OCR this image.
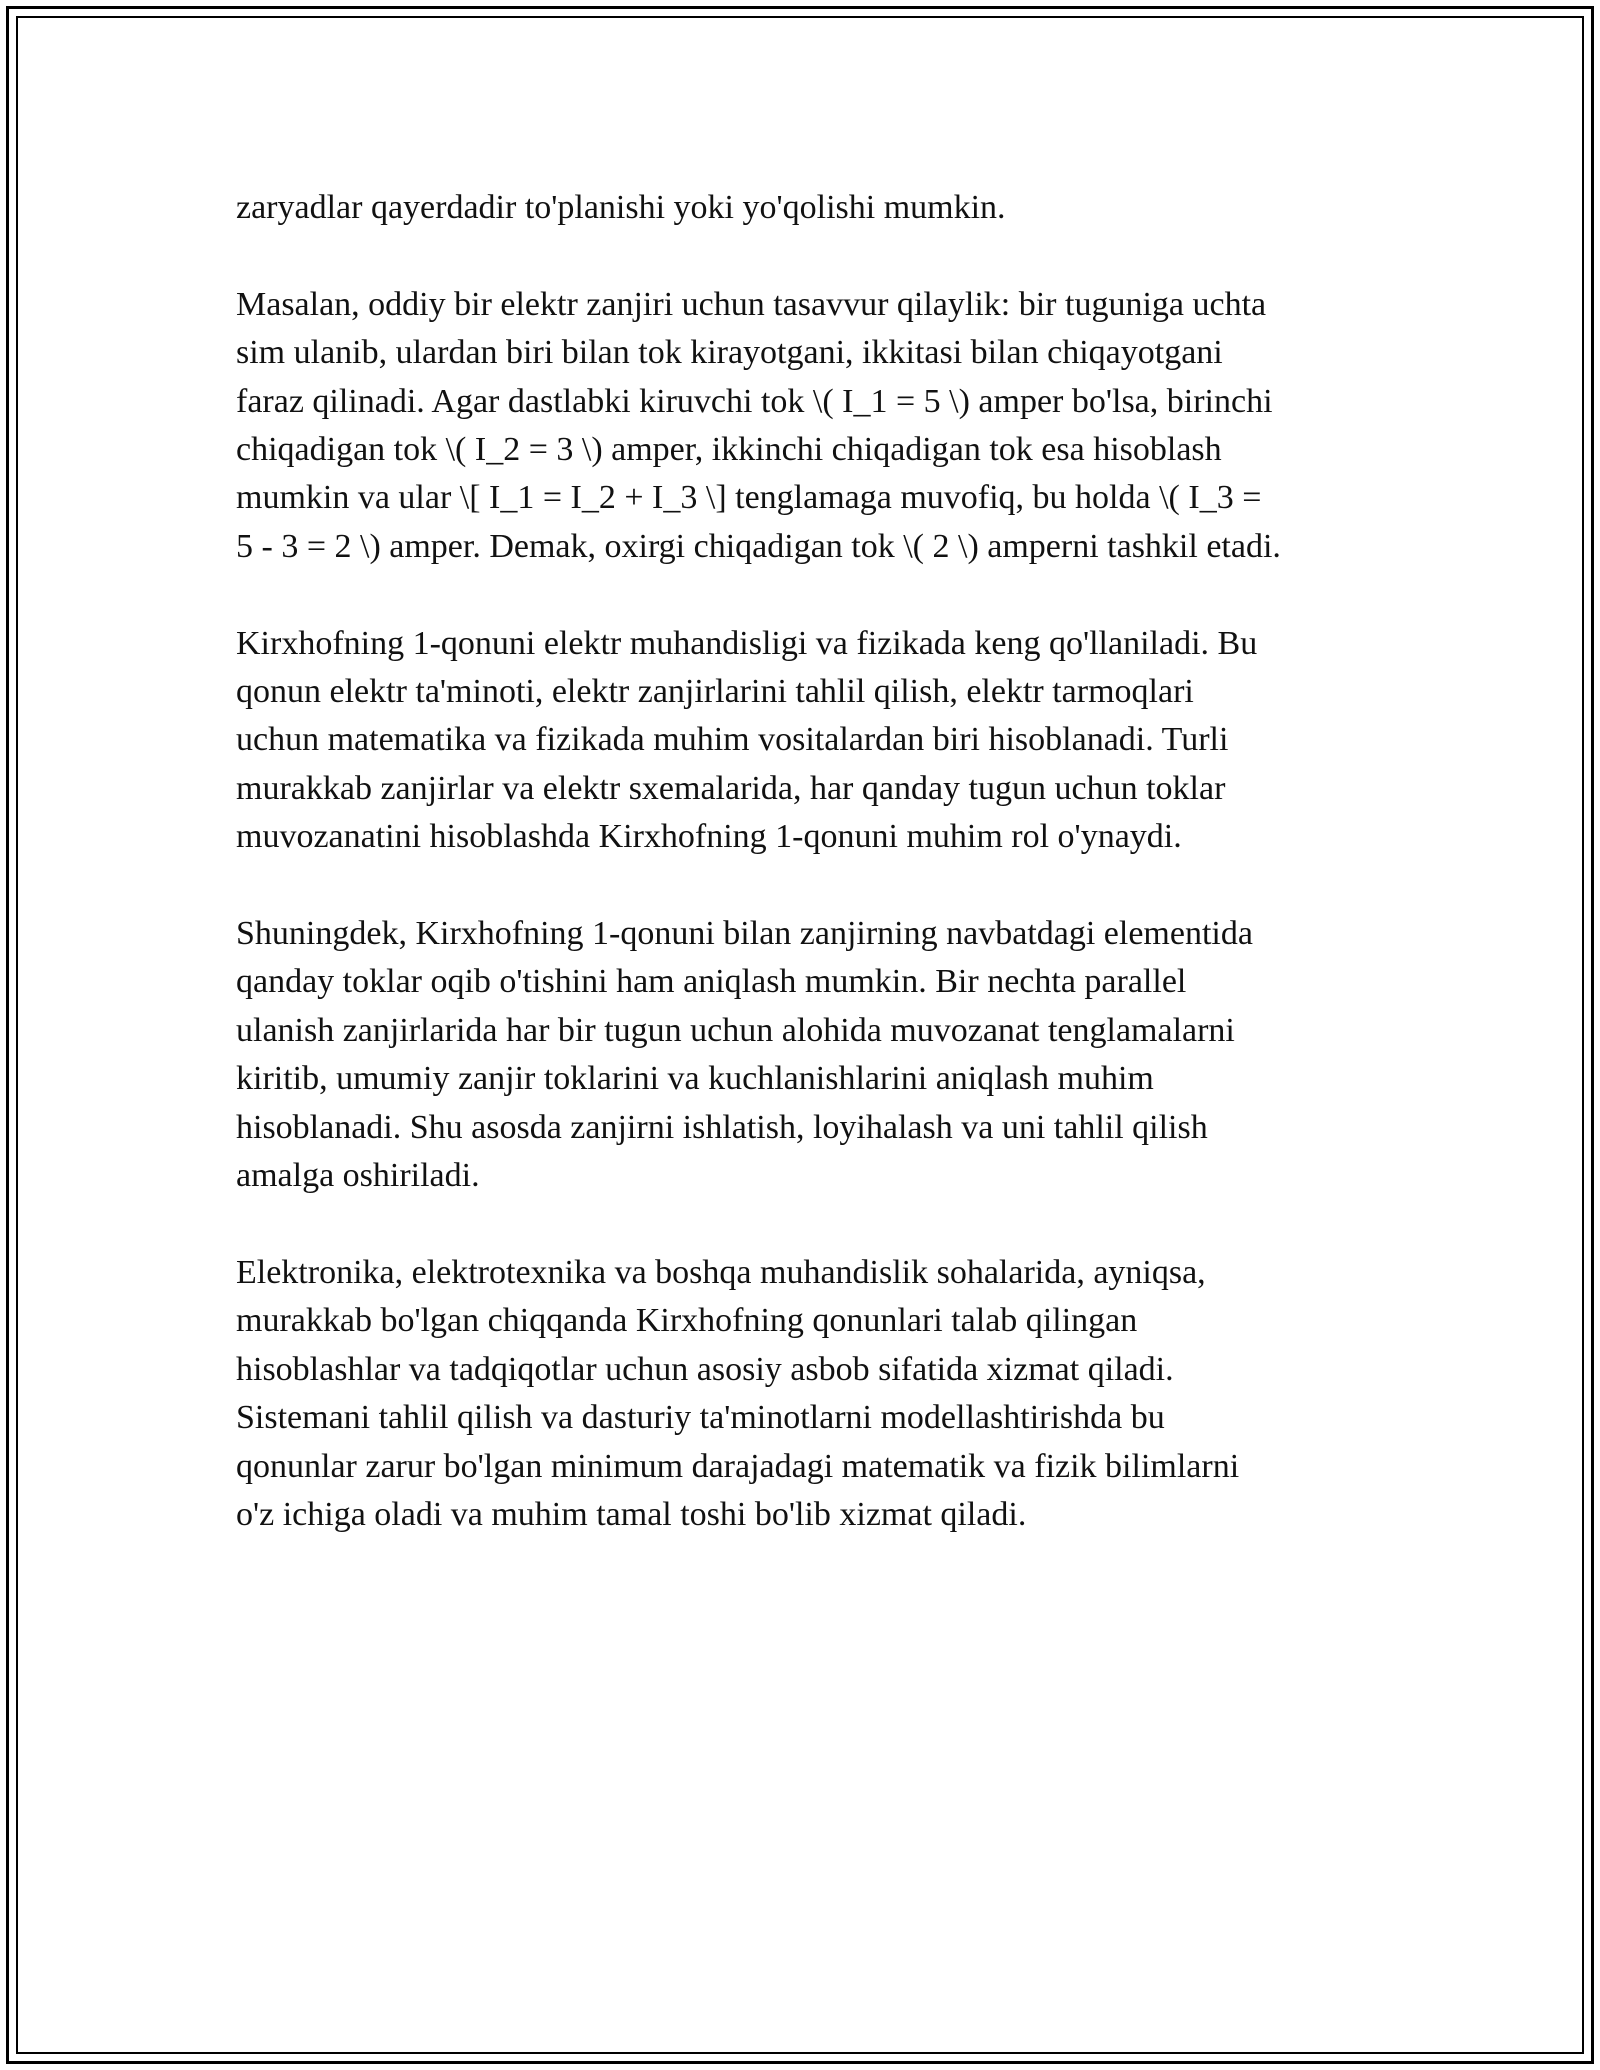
zaryadlar qayerdadir to'planishi yoki yo'qolishi mumkin.

Masalan, oddiy bir elektr zanjiri uchun tasavvur qilaylik: bir tuguniga uchta
sim ulanib, ulardan biri bilan tok kirayotgani, ikkitasi bilan chiqayotgani
faraz qilinadi. Agar dastlabki kiruvchi tok \( I_1 = 5 \) amper bo'lsa, birinchi
chiqadigan tok \( I_2 = 3 \) amper, ikkinchi chiqadigan tok esa hisoblash
mumkin va ular \[ I_1 = I_2 + I_3 \] tenglamaga muvofiq, bu holda \( I_3 =
5 - 3 = 2 \) amper. Demak, oxirgi chiqadigan tok \( 2 \) amperni tashkil etadi.

Kirxhofning 1-qonuni elektr muhandisligi va fizikada keng qo'llaniladi. Bu
qonun elektr ta'minoti, elektr zanjirlarini tahlil qilish, elektr tarmoqlari
uchun matematika va fizikada muhim vositalardan biri hisoblanadi. Turli
murakkab zanjirlar va elektr sxemalarida, har qanday tugun uchun toklar
muvozanatini hisoblashda Kirxhofning 1-qonuni muhim rol o'ynaydi.

Shuningdek, Kirxhofning 1-qonuni bilan zanjirning navbatdagi elementida
qanday toklar oqib o'tishini ham aniqlash mumkin. Bir nechta parallel
ulanish zanjirlarida har bir tugun uchun alohida muvozanat tenglamalarni
kiritib, umumiy zanjir toklarini va kuchlanishlarini aniqlash muhim
hisoblanadi. Shu asosda zanjirni ishlatish, loyihalash va uni tahlil qilish
amalga oshiriladi.

Elektronika, elektrotexnika va boshqa muhandislik sohalarida, ayniqsa,
murakkab bo'lgan chiqqanda Kirxhofning qonunlari talab qilingan
hisoblashlar va tadqiqotlar uchun asosiy asbob sifatida xizmat qiladi.
Sistemani tahlil qilish va dasturiy ta'minotlarni modellashtirishda bu
qonunlar zarur bo'lgan minimum darajadagi matematik va fizik bilimlarni
o'z ichiga oladi va muhim tamal toshi bo'lib xizmat qiladi.
